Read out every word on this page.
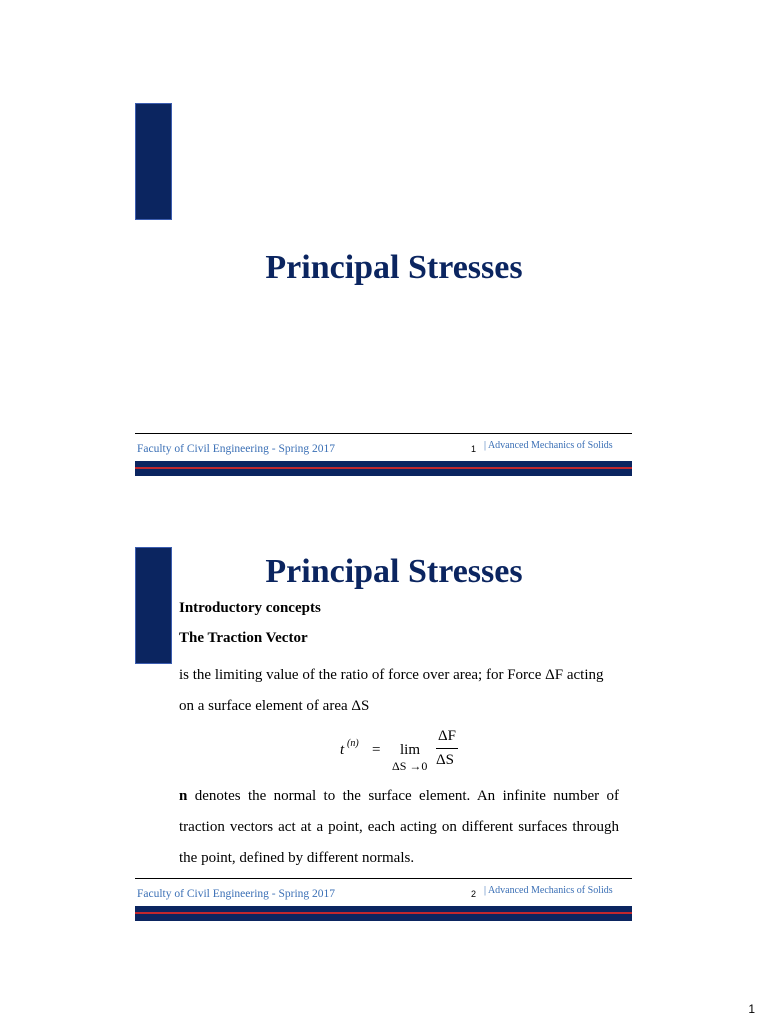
Principal Stresses
Faculty of Civil Engineering - Spring 2017	1 | Advanced Mechanics of Solids
Principal Stresses

Introductory concepts

The Traction Vector

is the limiting value of the ratio of force over area; for Force ΔF acting on a surface element of area ΔS
t (n) = lim
ΔS →0
ΔF
ΔS
n denotes the normal to the surface element. An infinite number of traction vectors act at a point, each acting on different surfaces through the point, defined by different normals.
Faculty of Civil Engineering - Spring 2017	2 | Advanced Mechanics of Solids
1
